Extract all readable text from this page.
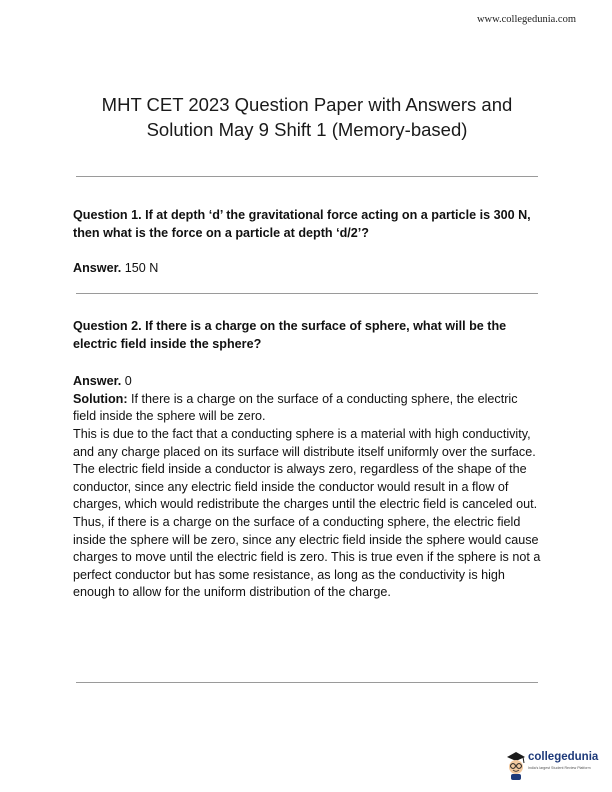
www.collegedunia.com
MHT CET 2023 Question Paper with Answers and
Solution May 9 Shift 1 (Memory-based)

Question 1. If at depth ‘d’ the gravitational force acting on a particle is 300 N, then what is the force on a particle at depth ‘d/2’?

Answer. 150 N

Question 2. If there is a charge on the surface of sphere, what will be the electric field inside the sphere?

Answer. 0

Solution: If there is a charge on the surface of a conducting sphere, the electric field inside the sphere will be zero.

This is due to the fact that a conducting sphere is a material with high conductivity, and any charge placed on its surface will distribute itself uniformly over the surface. The electric field inside a conductor is always zero, regardless of the shape of the conductor, since any electric field inside the conductor would result in a flow of charges, which would redistribute the charges until the electric field is canceled out.

Thus, if there is a charge on the surface of a conducting sphere, the electric field inside the sphere will be zero, since any electric field inside the sphere would cause charges to move until the electric field is zero. This is true even if the sphere is not a perfect conductor but has some resistance, as long as the conductivity is high enough to allow for the uniform distribution of the charge.

collegedunia
India's largest Student Review Platform
